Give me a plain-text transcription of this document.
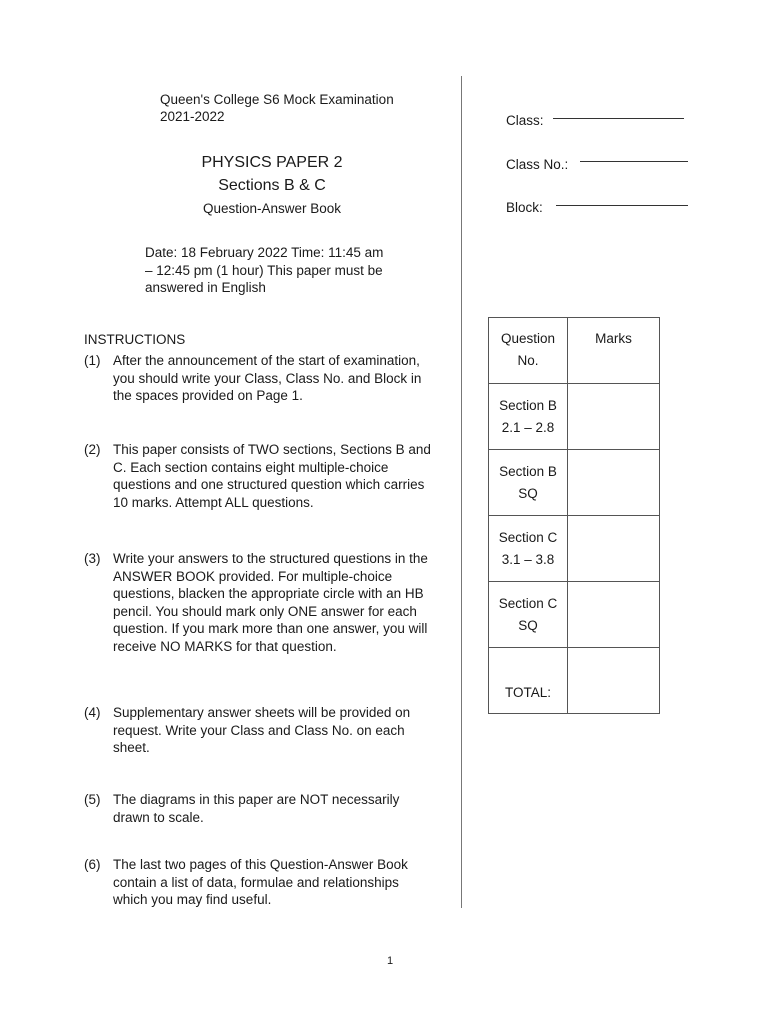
Queen's College S6 Mock Examination
2021-2022
PHYSICS PAPER 2
Sections B & C
Question-Answer Book
Date: 18 February 2022 Time: 11:45 am
– 12:45 pm (1 hour) This paper must be
answered in English
Class:
Class No.:
Block:
INSTRUCTIONS
(1) After the announcement of the start of examination,
you should write your Class, Class No. and Block in
the spaces provided on Page 1.
(2) This paper consists of TWO sections, Sections B and
C. Each section contains eight multiple-choice
questions and one structured question which carries
10 marks. Attempt ALL questions.
(3) Write your answers to the structured questions in the
ANSWER BOOK provided. For multiple-choice
questions, blacken the appropriate circle with an HB
pencil. You should mark only ONE answer for each
question. If you mark more than one answer, you will
receive NO MARKS for that question.
(4) Supplementary answer sheets will be provided on
request. Write your Class and Class No. on each
sheet.
(5) The diagrams in this paper are NOT necessarily
drawn to scale.
(6) The last two pages of this Question-Answer Book
contain a list of data, formulae and relationships
which you may find useful.
Question
No.	Marks

Section B
2.1 – 2.8	

Section B
SQ	

Section C
3.1 – 3.8	

Section C
SQ	

TOTAL:	
1
